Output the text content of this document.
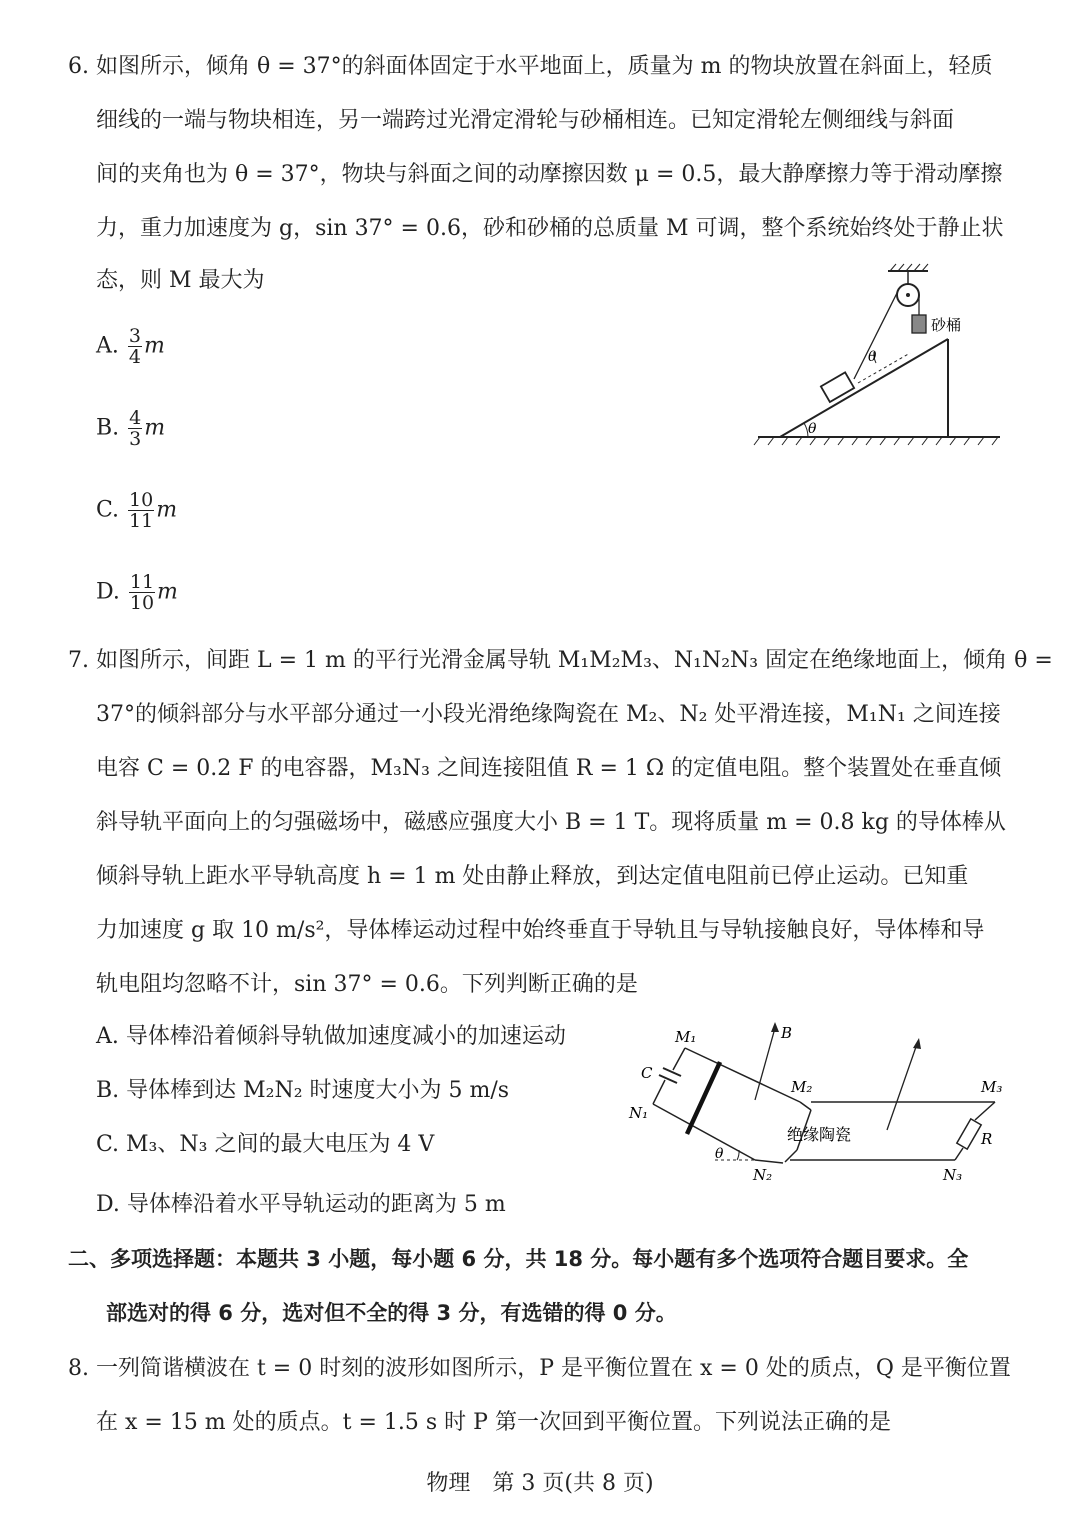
6. 如图所示，倾角 θ = 37°的斜面体固定于水平地面上，质量为 m 的物块放置在斜面上，轻质
细线的一端与物块相连，另一端跨过光滑定滑轮与砂桶相连。已知定滑轮左侧细线与斜面
间的夹角也为 θ = 37°，物块与斜面之间的动摩擦因数 μ = 0.5，最大静摩擦力等于滑动摩擦
力，重力加速度为 g，sin 37° = 0.6，砂和砂桶的总质量 M 可调，整个系统始终处于静止状
态，则 M 最大为
A. $\frac{3}{4}$ m
B. $\frac{4}{3}$ m
C. $\frac{10}{11}$ m
D. $\frac{11}{10}$ m
砂桶
θ
θ
7. 如图所示，间距 L = 1 m 的平行光滑金属导轨 M₁M₂M₃、N₁N₂N₃ 固定在绝缘地面上，倾角 θ =
37°的倾斜部分与水平部分通过一小段光滑绝缘陶瓷在 M₂、N₂ 处平滑连接，M₁N₁ 之间连接
电容 C = 0.2 F 的电容器，M₃N₃ 之间连接阻值 R = 1 Ω 的定值电阻。整个装置处在垂直倾
斜导轨平面向上的匀强磁场中，磁感应强度大小 B = 1 T。现将质量 m = 0.8 kg 的导体棒从
倾斜导轨上距水平导轨高度 h = 1 m 处由静止释放，到达定值电阻前已停止运动。已知重
力加速度 g 取 10 m/s²，导体棒运动过程中始终垂直于导轨且与导轨接触良好，导体棒和导
轨电阻均忽略不计，sin 37° = 0.6。下列判断正确的是
A. 导体棒沿着倾斜导轨做加速度减小的加速运动
B. 导体棒到达 M₂N₂ 时速度大小为 5 m/s
C. M₃、N₃ 之间的最大电压为 4 V
D. 导体棒沿着水平导轨运动的距离为 5 m
M₁
C
N₁
B
M₂	M₃
绝缘陶瓷	R
θ
N₂	N₃
二、多项选择题：本题共 3 小题，每小题 6 分，共 18 分。每小题有多个选项符合题目要求。全
部选对的得 6 分，选对但不全的得 3 分，有选错的得 0 分。
8. 一列简谐横波在 t = 0 时刻的波形如图所示，P 是平衡位置在 x = 0 处的质点，Q 是平衡位置
在 x = 15 m 处的质点。t = 1.5 s 时 P 第一次回到平衡位置。下列说法正确的是
物理　第 3 页(共 8 页)
